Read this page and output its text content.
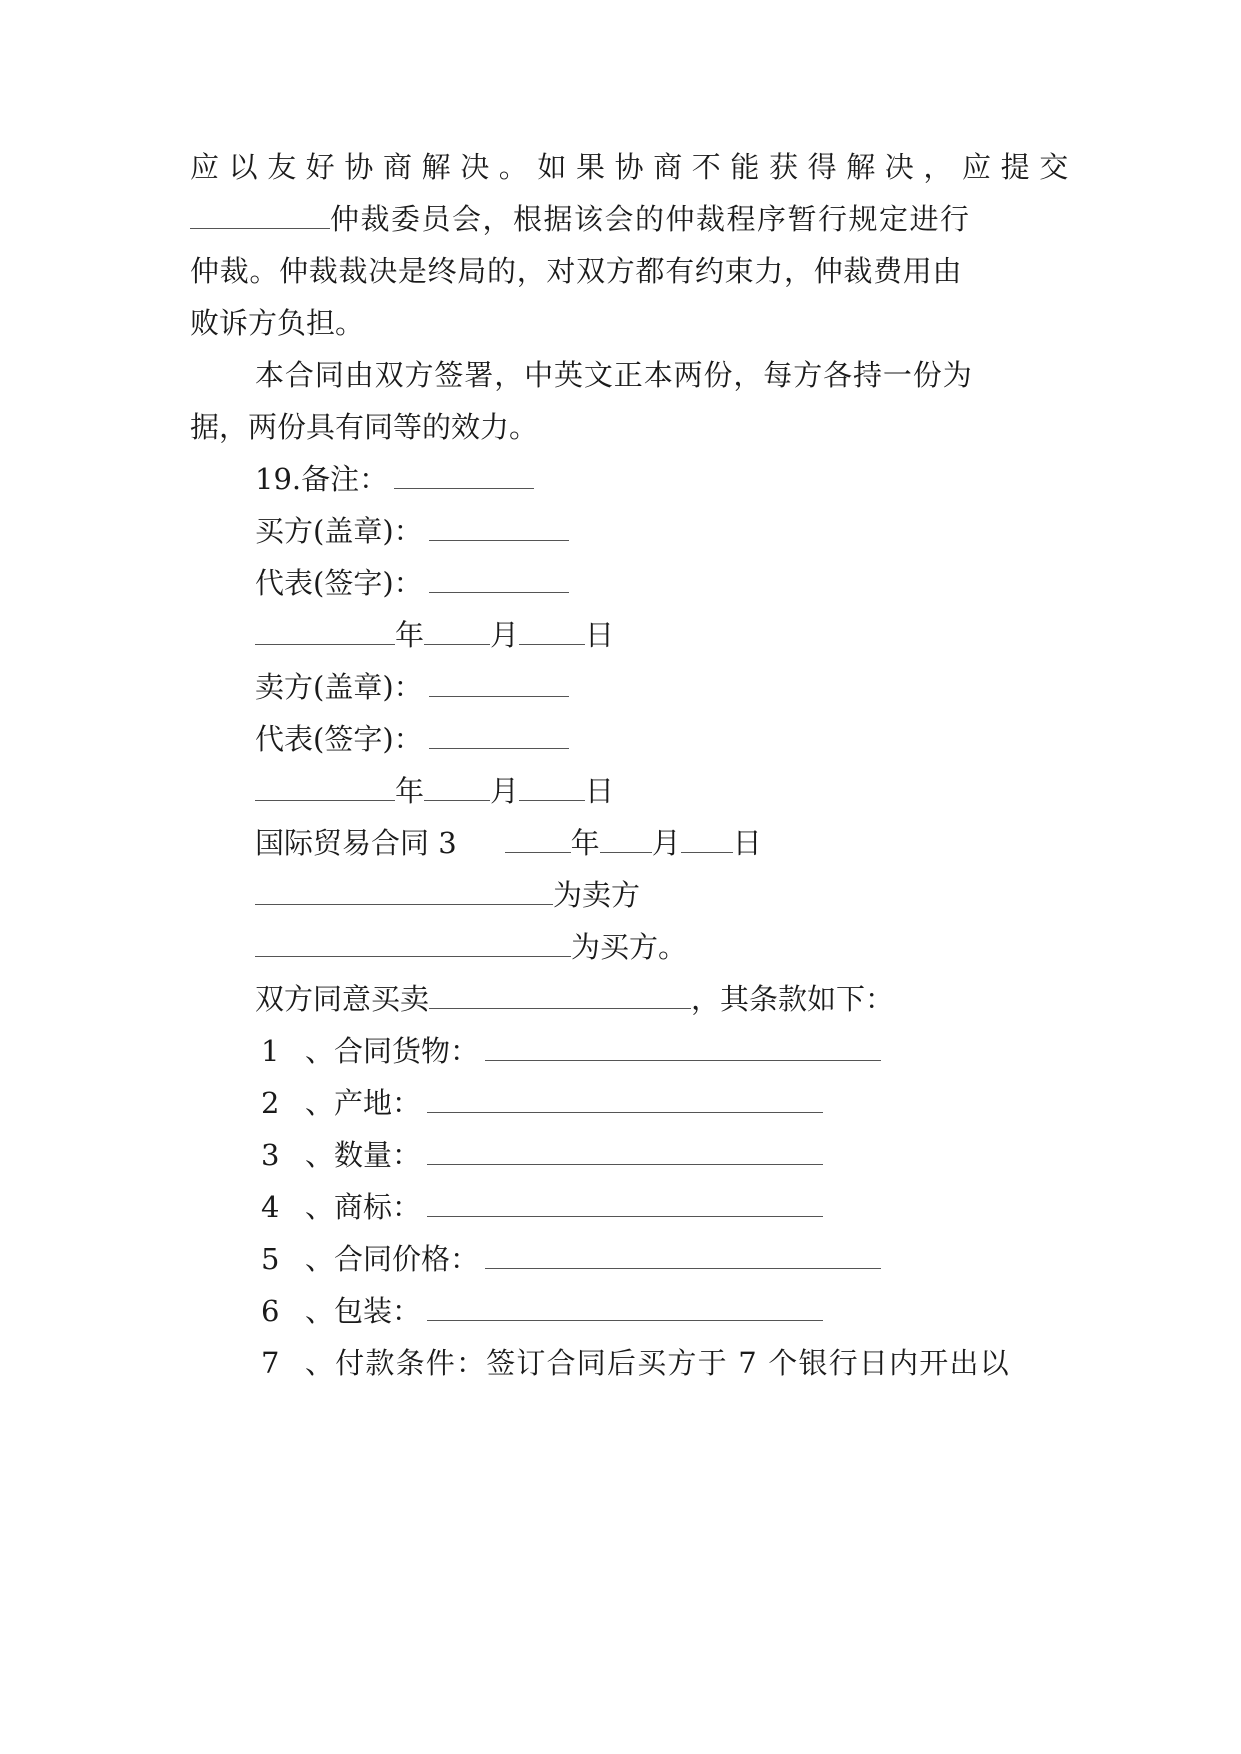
应以友好协商解决。如果协商不能获得解决，应提交
仲裁委员会，根据该会的仲裁程序暂行规定进行
仲裁。仲裁裁决是终局的，对双方都有约束力，仲裁费用由
败诉方负担。
本合同由双方签署，中英文正本两份，每方各持一份为
据，两份具有同等的效力。
19.备注：
买方(盖章)：
代表(签字)：
年 月 日
卖方(盖章)：
代表(签字)：
年 月 日
国际贸易合同 3	年 月 日
为卖方
为买方。
双方同意买卖	，其条款如下：
1 、合同货物：
2 、产地：
3 、数量：
4 、商标：
5 、合同价格：
6 、包装：
7 、付款条件：签订合同后买方于 7 个银行日内开出以
